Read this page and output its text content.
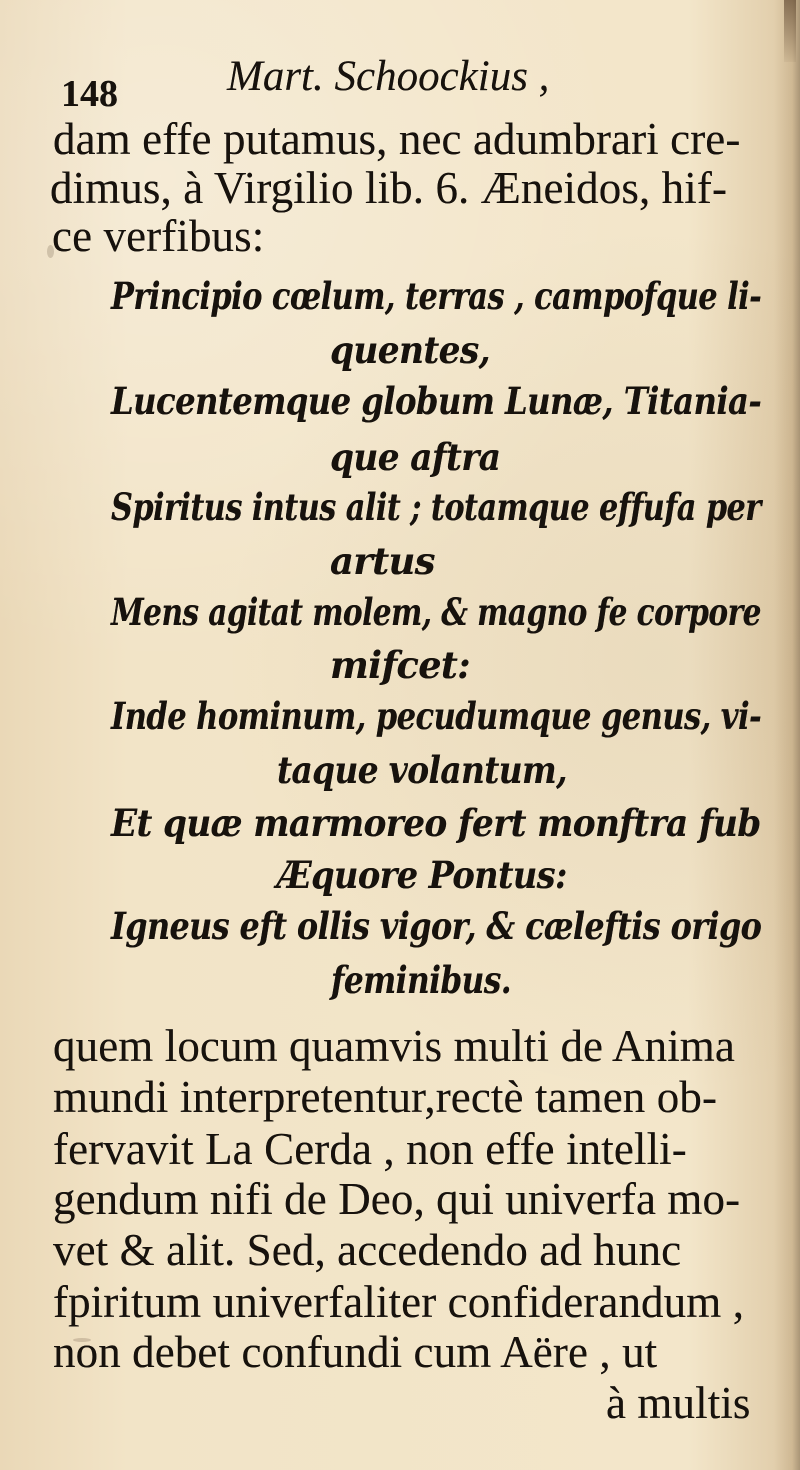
148	Mart. Schoockius ,
dam effe putamus, nec adumbrari cre-
dimus, à Virgilio lib. 6. Æneidos, hif-
ce verfibus:
Principio cœlum, terras , campofque li-
quentes,
Lucentemque globum Lunæ, Titania-
que aftra
Spiritus intus alit ; totamque effufa per
artus
Mens agitat molem, & magno fe corpore
mifcet:
Inde hominum, pecudumque genus, vi-
taque volantum,
Et quæ marmoreo fert monftra fub
Æquore Pontus:
Igneus eft ollis vigor, & cæleftis origo
feminibus.
quem locum quamvis multi de Anima
mundi interpretentur,rectè tamen ob-
fervavit La Cerda , non effe intelli-
gendum nifi de Deo, qui univerfa mo-
vet & alit. Sed, accedendo ad hunc
fpiritum univerfaliter confiderandum ,
non debet confundi cum Aëre , ut
à multis
